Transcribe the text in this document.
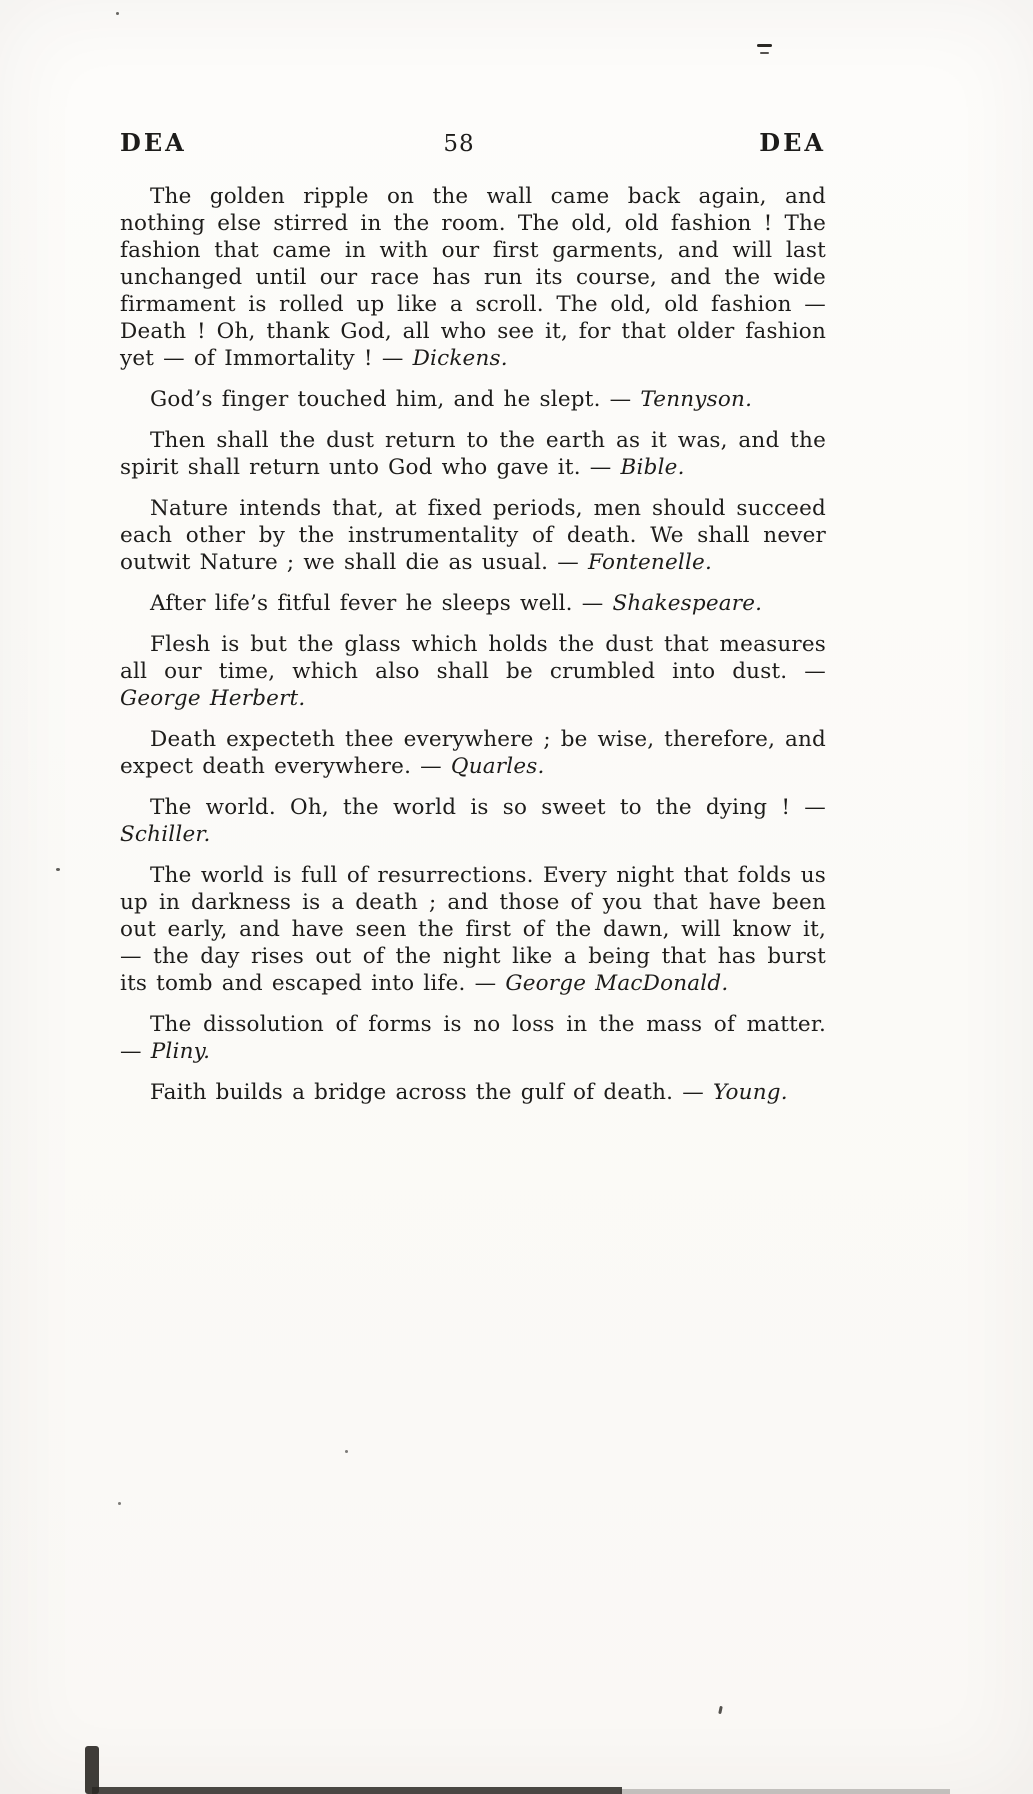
DEA	58	DEA

The golden ripple on the wall came back again, and nothing else stirred in the room. The old, old fashion ! The fashion that came in with our first garments, and will last unchanged until our race has run its course, and the wide firmament is rolled up like a scroll. The old, old fashion — Death ! Oh, thank God, all who see it, for that older fashion yet — of Immortality ! — Dickens.

God’s finger touched him, and he slept. — Tennyson.

Then shall the dust return to the earth as it was, and the spirit shall return unto God who gave it. — Bible.

Nature intends that, at fixed periods, men should succeed each other by the instrumentality of death. We shall never outwit Nature ; we shall die as usual. — Fontenelle.

After life’s fitful fever he sleeps well. — Shakespeare.

Flesh is but the glass which holds the dust that measures all our time, which also shall be crumbled into dust. — George Herbert.

Death expecteth thee everywhere ; be wise, therefore, and expect death everywhere. — Quarles.

The world. Oh, the world is so sweet to the dying ! — Schiller.

The world is full of resurrections. Every night that folds us up in darkness is a death ; and those of you that have been out early, and have seen the first of the dawn, will know it, — the day rises out of the night like a being that has burst its tomb and escaped into life. — George MacDonald.

The dissolution of forms is no loss in the mass of matter. — Pliny.

Faith builds a bridge across the gulf of death. — Young.
